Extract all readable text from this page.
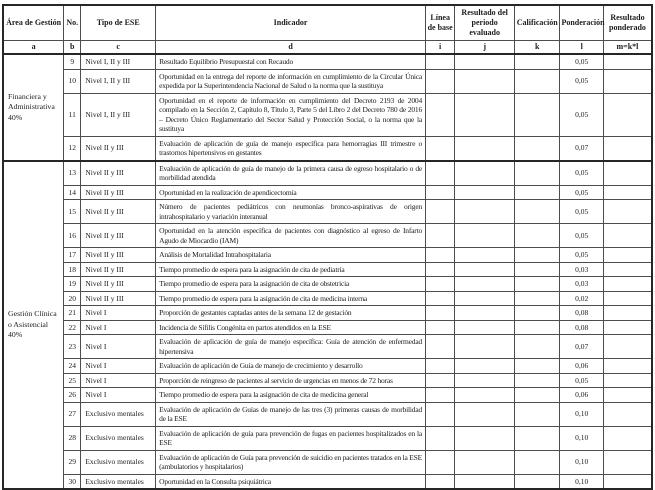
Área de Gestión	No.	Tipo de ESE	Indicador	Línea de base	Resultado del periodo evaluado	Calificación	Ponderación	Resultado ponderado
a	b	c	d	i	j	k	l	m=k*l
Financiera y Administrativa 40%	9	Nivel I, II y III	Resultado Equilibrio Presupuestal con Recaudo				0,05	
	10	Nivel I, II y III	Oportunidad en la entrega del reporte de información en cumplimiento de la Circular Única expedida por la Superintendencia Nacional de Salud o la norma que la sustituya				0,05	
	11	Nivel I, II y III	Oportunidad en el reporte de información en cumplimiento del Decreto 2193 de 2004 compilado en la Sección 2, Capítulo 8, Título 3, Parte 5 del Libro 2 del Decreto 780 de 2016 – Decreto Único Reglamentario del Sector Salud y Protección Social, o la norma que la sustituya				0,05	
	12	Nivel II y III	Evaluación de aplicación de guía de manejo específica para hemorragias III trimestre o trastornos hipertensivos en gestantes				0,07	
Gestión Clínica o Asistencial 40%	13	Nivel II y III	Evaluación de aplicación de guía de manejo de la primera causa de egreso hospitalario o de morbilidad atendida				0,05	
	14	Nivel II y III	Oportunidad en la realización de apendicectomía				0,05	
	15	Nivel II y III	Número de pacientes pediátricos con neumonías bronco-aspirativas de origen intrahospitalario y variación interanual				0,05	
	16	Nivel II y III	Oportunidad en la atención específica de pacientes con diagnóstico al egreso de Infarto Agudo de Miocardio (IAM)				0,05	
	17	Nivel II y III	Análisis de Mortalidad Intrahospitalaria				0,05	
	18	Nivel II y III	Tiempo promedio de espera para la asignación de cita de pediatría				0,03	
	19	Nivel II y III	Tiempo promedio de espera para la asignación de cita de obstetricia				0,03	
	20	Nivel II y III	Tiempo promedio de espera para la asignación de cita de medicina interna				0,02	
	21	Nivel I	Proporción de gestantes captadas antes de la semana 12 de gestación				0,08	
	22	Nivel I	Incidencia de Sífilis Congénita en partos atendidos en la ESE				0,08	
	23	Nivel I	Evaluación de aplicación de guía de manejo específica: Guía de atención de enfermedad hipertensiva				0,07	
	24	Nivel I	Evaluación de aplicación de Guía de manejo de crecimiento y desarrollo				0,06	
	25	Nivel I	Proporción de reingreso de pacientes al servicio de urgencias en menos de 72 horas				0,05	
	26	Nivel I	Tiempo promedio de espera para la asignación de cita de medicina general				0,06	
	27	Exclusivo mentales	Evaluación de aplicación de Guías de manejo de las tres (3) primeras causas de morbilidad de la ESE				0,10	
	28	Exclusivo mentales	Evaluación de aplicación de guía para prevención de fugas en pacientes hospitalizados en la ESE				0,10	
	29	Exclusivo mentales	Evaluación de aplicación de Guía para prevención de suicidio en pacientes tratados en la ESE (ambulatorios y hospitalarios)				0,10	
	30	Exclusivo mentales	Oportunidad en la Consulta psiquiátrica				0,10	
